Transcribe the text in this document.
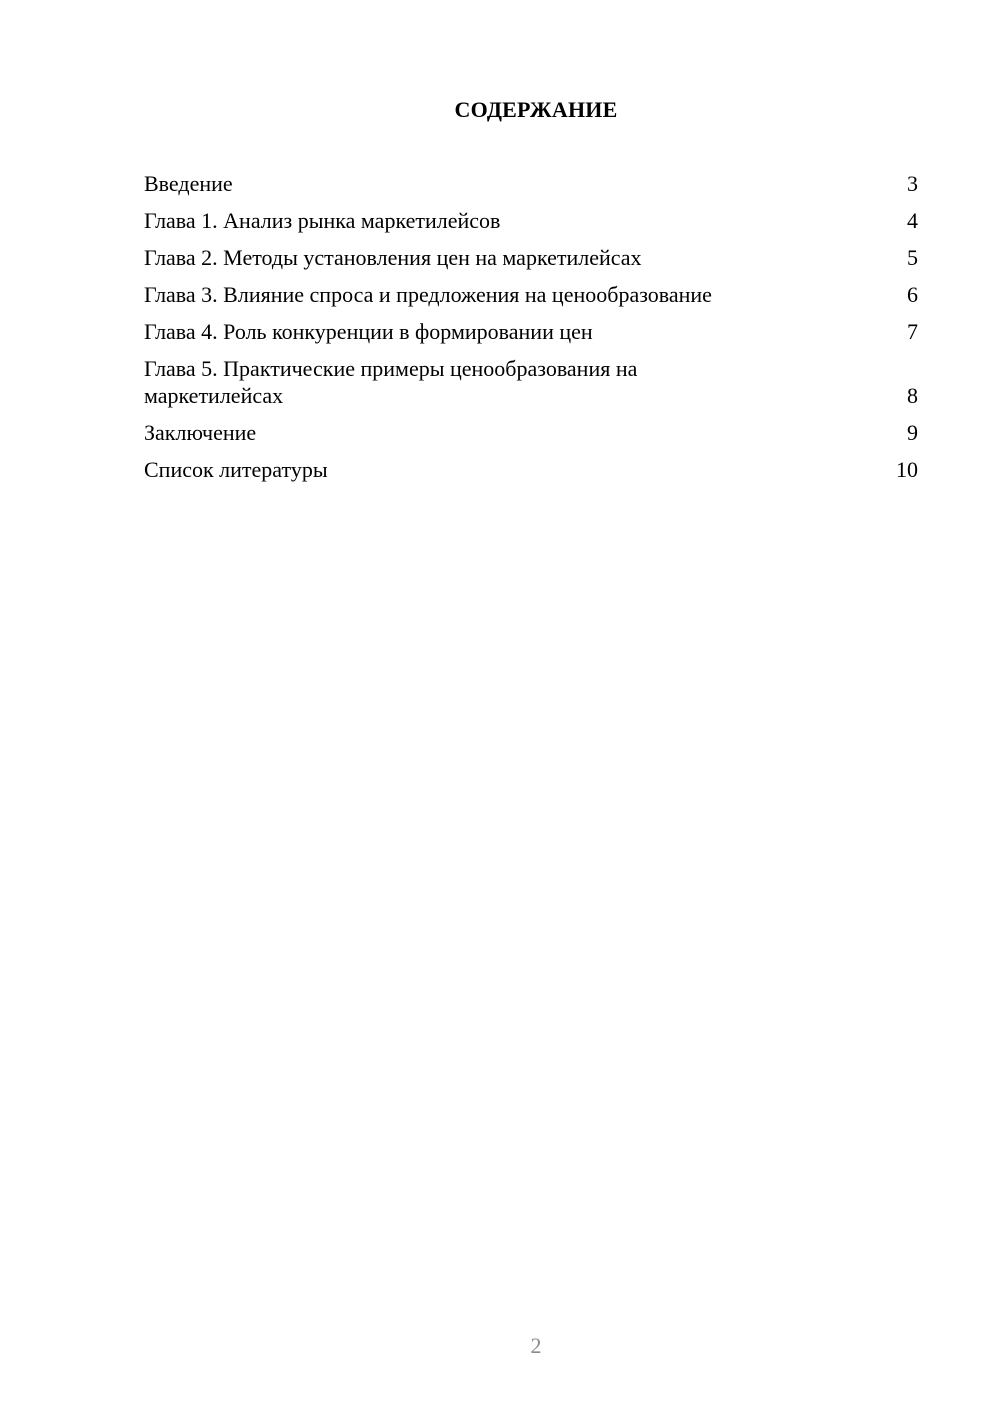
СОДЕРЖАНИЕ
Введение	3
Глава 1. Анализ рынка маркетилейсов	4
Глава 2. Методы установления цен на маркетилейсах	5
Глава 3. Влияние спроса и предложения на ценообразование	6
Глава 4. Роль конкуренции в формировании цен	7
Глава 5. Практические примеры ценообразования на маркетилейсах	8
Заключение	9
Список литературы	10
2
